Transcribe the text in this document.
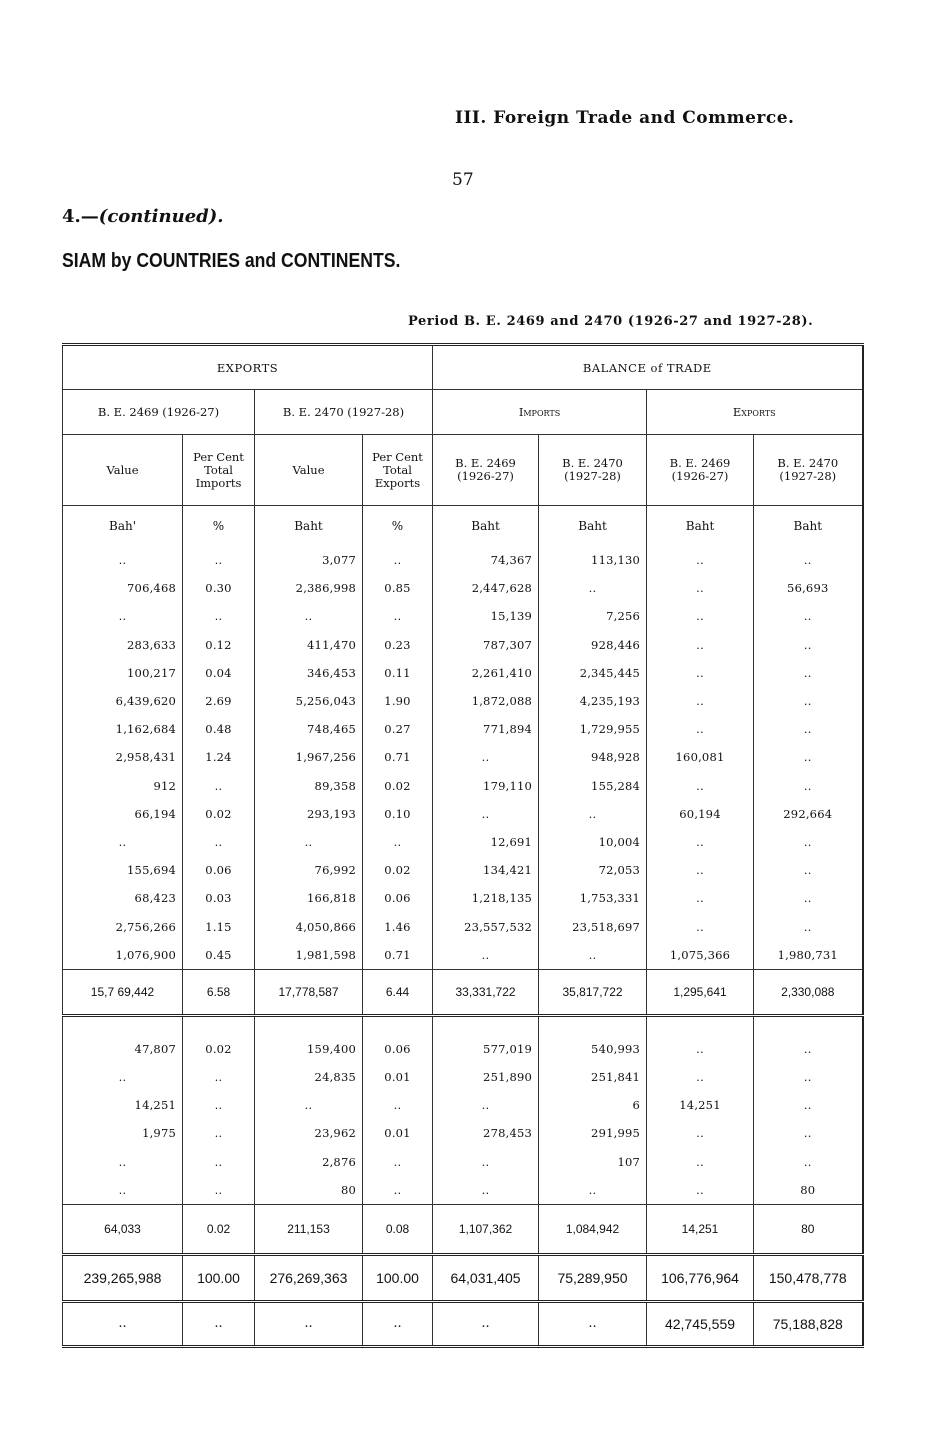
III. Foreign Trade and Commerce.
57
4.—(continued).
SIAM by COUNTRIES and CONTINENTS.
Period B. E. 2469 and 2470 (1926-27 and 1927-28).
EXPORTS				BALANCE of TRADE			
B. E. 2469 (1926-27)		B. E. 2470 (1927-28)		Imports		Exports	
Value	Per Cent Total Imports	Value	Per Cent Total Exports	B. E. 2469 (1926-27)	B. E. 2470 (1927-28)	B. E. 2469 (1926-27)	B. E. 2470 (1927-28)
Bah'	%	Baht	%	Baht	Baht	Baht	Baht
..	..	3,077	..	74,367	113,130	..	..
706,468	0.30	2,386,998	0.85	2,447,628	..	..	56,693
..	..	..	..	15,139	7,256	..	..
283,633	0.12	411,470	0.23	787,307	928,446	..	..
100,217	0.04	346,453	0.11	2,261,410	2,345,445	..	..
6,439,620	2.69	5,256,043	1.90	1,872,088	4,235,193	..	..
1,162,684	0.48	748,465	0.27	771,894	1,729,955	..	..
2,958,431	1.24	1,967,256	0.71	..	948,928	160,081	..
912	..	89,358	0.02	179,110	155,284	..	..
66,194	0.02	293,193	0.10	..	..	60,194	292,664
..	..	..	..	12,691	10,004	..	..
155,694	0.06	76,992	0.02	134,421	72,053	..	..
68,423	0.03	166,818	0.06	1,218,135	1,753,331	..	..
2,756,266	1.15	4,050,866	1.46	23,557,532	23,518,697	..	..
1,076,900	0.45	1,981,598	0.71	..	..	1,075,366	1,980,731
15,7 69,442	6.58	17,778,587	6.44	33,331,722	35,817,722	1,295,641	2,330,088

47,807	0.02	159,400	0.06	577,019	540,993	..	..
..	..	24,835	0.01	251,890	251,841	..	..
14,251	..	..	..	..	6	14,251	..
1,975	..	23,962	0.01	278,453	291,995	..	..
..	..	2,876	..	..	107	..	..
..	..	80	..	..	..	..	80
64,033	0.02	211,153	0.08	1,107,362	1,084,942	14,251	80
239,265,988	100.00	276,269,363	100.00	64,031,405	75,289,950	106,776,964	150,478,778
..	..	..	..	..	..	42,745,559	75,188,828
